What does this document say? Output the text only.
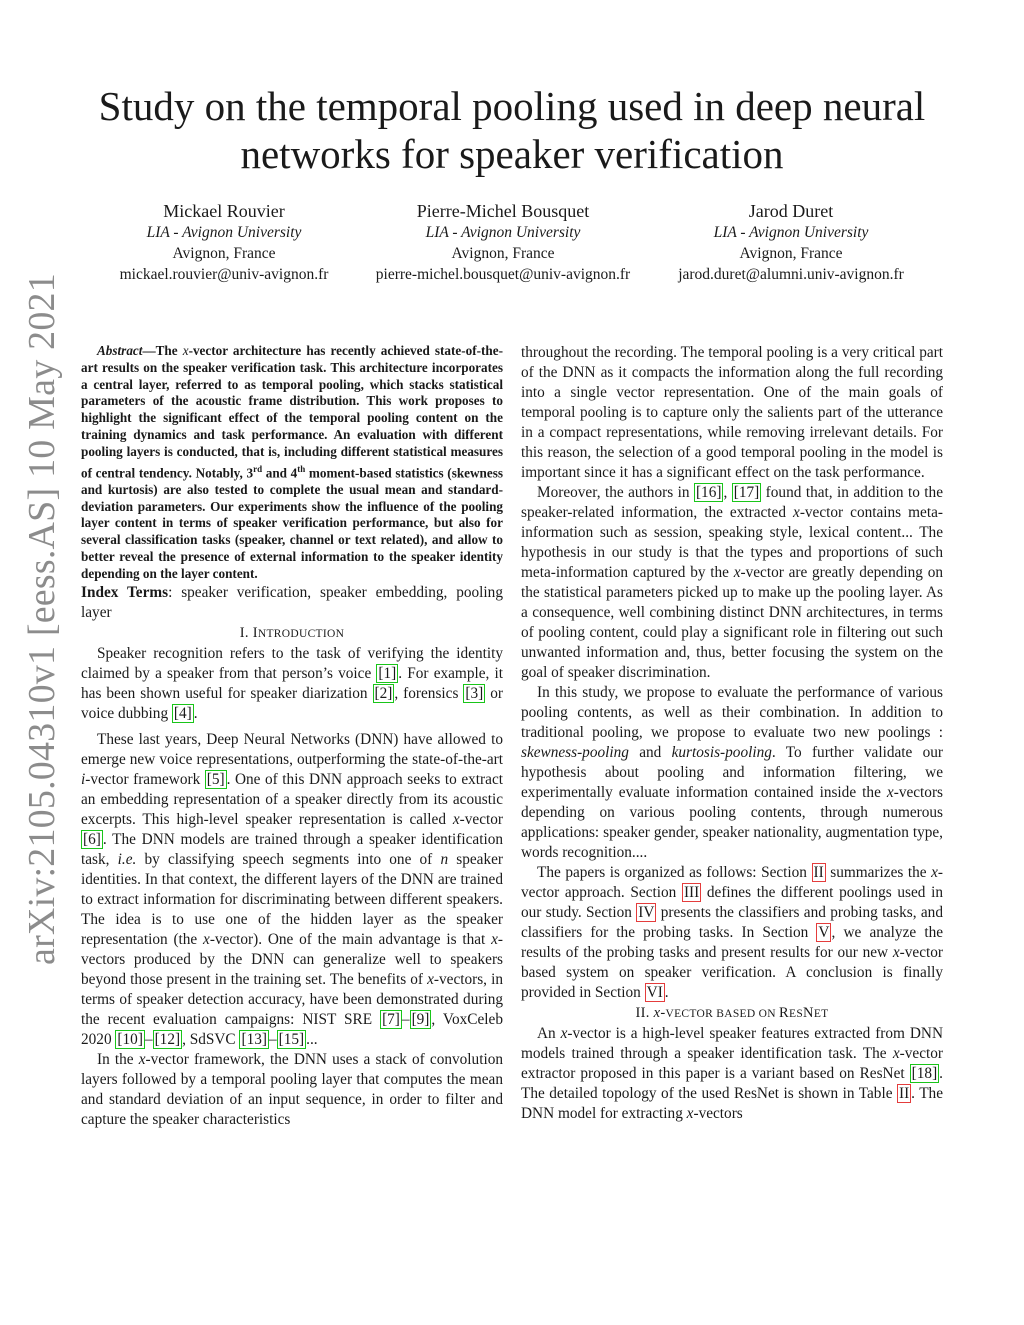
arXiv:2105.04310v1 [eess.AS] 10 May 2021
Study on the temporal pooling used in deep neural networks for speaker verification
Mickael Rouvier
LIA - Avignon University
Avignon, France
mickael.rouvier@univ-avignon.fr
Pierre-Michel Bousquet
LIA - Avignon University
Avignon, France
pierre-michel.bousquet@univ-avignon.fr
Jarod Duret
LIA - Avignon University
Avignon, France
jarod.duret@alumni.univ-avignon.fr

Abstract—The x-vector architecture has recently achieved state-of-the-art results on the speaker verification task. This architecture incorporates a central layer, referred to as temporal pooling, which stacks statistical parameters of the acoustic frame distribution. This work proposes to highlight the significant effect of the temporal pooling content on the training dynamics and task performance. An evaluation with different pooling layers is conducted, that is, including different statistical measures of central tendency. Notably, 3rd and 4th moment-based statistics (skewness and kurtosis) are also tested to complete the usual mean and standard-deviation parameters. Our experiments show the influence of the pooling layer content in terms of speaker verification performance, but also for several classification tasks (speaker, channel or text related), and allow to better reveal the presence of external information to the speaker identity depending on the layer content.

Index Terms: speaker verification, speaker embedding, pooling layer

I. INTRODUCTION

Speaker recognition refers to the task of verifying the identity claimed by a speaker from that person’s voice [1] . For example, it has been shown useful for speaker diarization [2] , forensics [3] or voice dubbing [4] .

These last years, Deep Neural Networks (DNN) have allowed to emerge new voice representations, outperforming the state-of-the-art i-vector framework [5] . One of this DNN approach seeks to extract an embedding representation of a speaker directly from its acoustic excerpts. This high-level speaker representation is called x-vector [6] . The DNN models are trained through a speaker identification task, i.e. by classifying speech segments into one of n speaker identities. In that context, the different layers of the DNN are trained to extract information for discriminating between different speakers. The idea is to use one of the hidden layer as the speaker representation (the x-vector). One of the main advantage is that x-vectors produced by the DNN can generalize well to speakers beyond those present in the training set. The benefits of x-vectors, in terms of speaker detection accuracy, have been demonstrated during the recent evaluation campaigns: NIST SRE [7] – [9] , VoxCeleb 2020 [10] – [12] , SdSVC [13] – [15] ...

In the x-vector framework, the DNN uses a stack of convolution layers followed by a temporal pooling layer that computes the mean and standard deviation of an input sequence, in order to filter and capture the speaker characteristics

throughout the recording. The temporal pooling is a very critical part of the DNN as it compacts the information along the full recording into a single vector representation. One of the main goals of temporal pooling is to capture only the salients part of the utterance in a compact representations, while removing irrelevant details. For this reason, the selection of a good temporal pooling in the model is important since it has a significant effect on the task performance.

Moreover, the authors in [16] , [17] found that, in addition to the speaker-related information, the extracted x-vector contains meta-information such as session, speaking style, lexical content... The hypothesis in our study is that the types and proportions of such meta-information captured by the x-vector are greatly depending on the statistical parameters picked up to make up the pooling layer. As a consequence, well combining distinct DNN architectures, in terms of pooling content, could play a significant role in filtering out such unwanted information and, thus, better focusing the system on the goal of speaker discrimination.

In this study, we propose to evaluate the performance of various pooling contents, as well as their combination. In addition to traditional pooling, we propose to evaluate two new poolings : skewness-pooling and kurtosis-pooling. To further validate our hypothesis about pooling and information filtering, we experimentally evaluate information contained inside the x-vectors depending on various pooling contents, through numerous applications: speaker gender, speaker nationality, augmentation type, words recognition....

The papers is organized as follows: Section II summarizes the x-vector approach. Section III defines the different poolings used in our study. Section IV presents the classifiers and probing tasks, and classifiers for the probing tasks. In Section V , we analyze the results of the probing tasks and present results for our new x-vector based system on speaker verification. A conclusion is finally provided in Section VI .

II. x-VECTOR BASED ON RESNET

An x-vector is a high-level speaker features extracted from DNN models trained through a speaker identification task. The x-vector extractor proposed in this paper is a variant based on ResNet [18] . The detailed topology of the used ResNet is shown in Table II . The DNN model for extracting x-vectors
